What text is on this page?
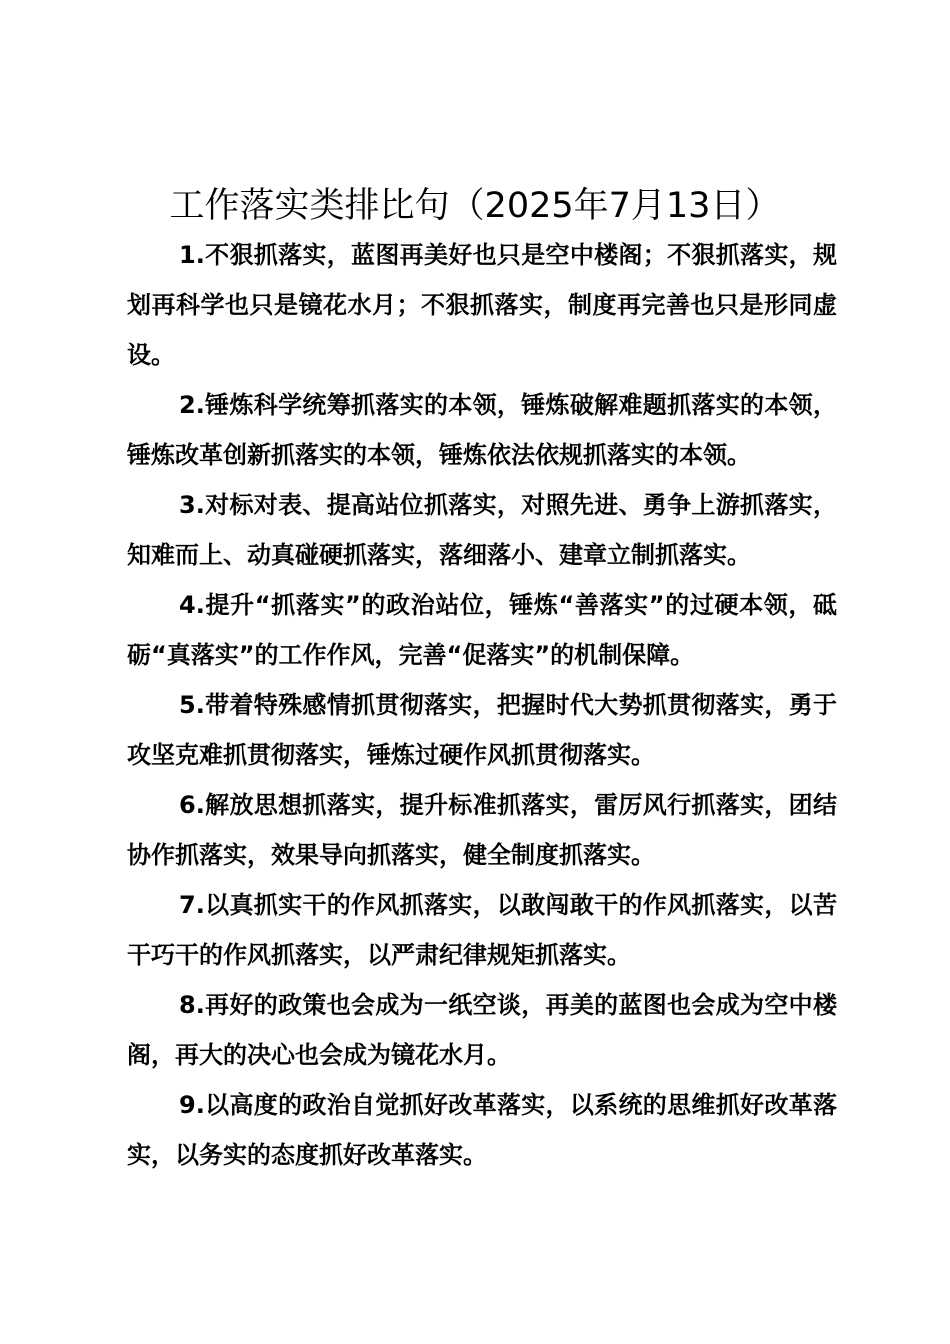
工作落实类排比句（2025年7月13日）

1.不狠抓落实，蓝图再美好也只是空中楼阁；不狠抓落实，规划再科学也只是镜花水月；不狠抓落实，制度再完善也只是形同虚设。

2.锤炼科学统筹抓落实的本领，锤炼破解难题抓落实的本领，锤炼改革创新抓落实的本领，锤炼依法依规抓落实的本领。

3.对标对表、提高站位抓落实，对照先进、勇争上游抓落实，知难而上、动真碰硬抓落实，落细落小、建章立制抓落实。

4.提升“抓落实”的政治站位，锤炼“善落实”的过硬本领，砥砺“真落实”的工作作风，完善“促落实”的机制保障。

5.带着特殊感情抓贯彻落实，把握时代大势抓贯彻落实，勇于攻坚克难抓贯彻落实，锤炼过硬作风抓贯彻落实。

6.解放思想抓落实，提升标准抓落实，雷厉风行抓落实，团结协作抓落实，效果导向抓落实，健全制度抓落实。

7.以真抓实干的作风抓落实，以敢闯敢干的作风抓落实，以苦干巧干的作风抓落实，以严肃纪律规矩抓落实。

8.再好的政策也会成为一纸空谈，再美的蓝图也会成为空中楼阁，再大的决心也会成为镜花水月。

9.以高度的政治自觉抓好改革落实，以系统的思维抓好改革落实，以务实的态度抓好改革落实。
